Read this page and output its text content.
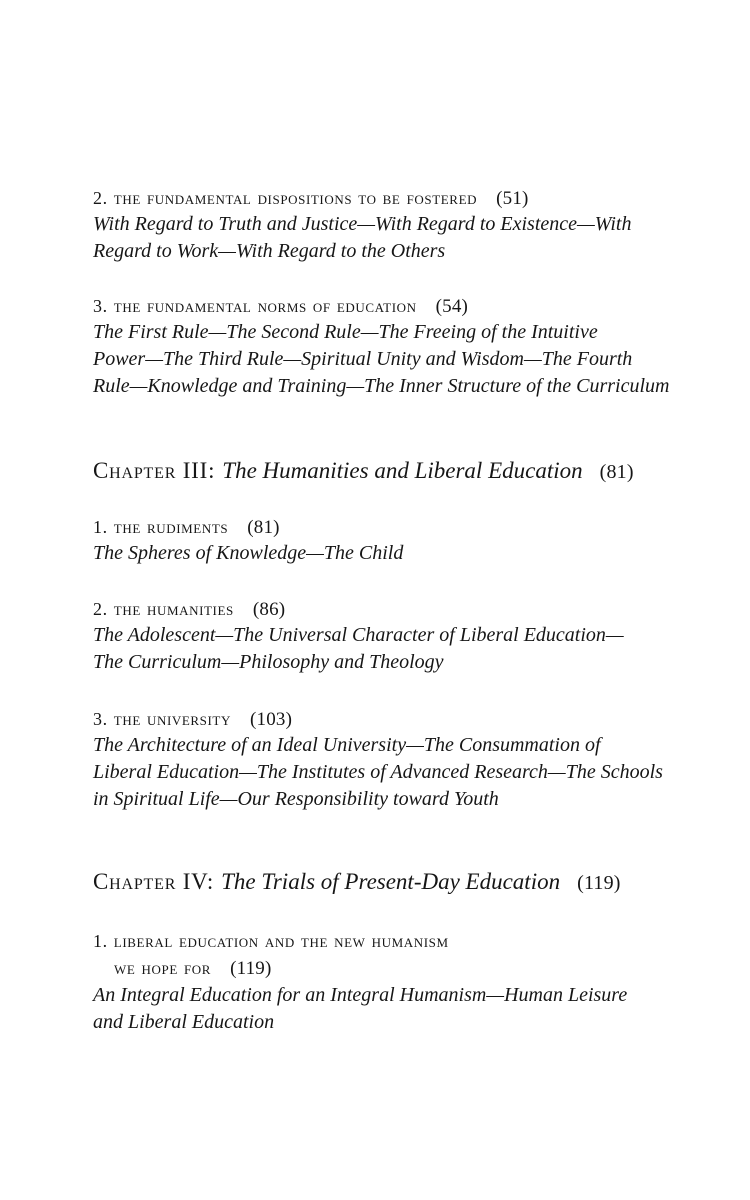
2. the fundamental dispositions to be fostered (51)
With Regard to Truth and Justice—With Regard to Existence—With
Regard to Work—With Regard to the Others
3. the fundamental norms of education (54)
The First Rule—The Second Rule—The Freeing of the Intuitive
Power—The Third Rule—Spiritual Unity and Wisdom—The Fourth
Rule—Knowledge and Training—The Inner Structure of the Curriculum
Chapter III: The Humanities and Liberal Education (81)
1. the rudiments (81)
The Spheres of Knowledge—The Child
2. the humanities (86)
The Adolescent—The Universal Character of Liberal Education—
The Curriculum—Philosophy and Theology
3. the university (103)
The Architecture of an Ideal University—The Consummation of
Liberal Education—The Institutes of Advanced Research—The Schools
in Spiritual Life—Our Responsibility toward Youth
Chapter IV: The Trials of Present-Day Education (119)
1. liberal education and the new humanism
we hope for (119)
An Integral Education for an Integral Humanism—Human Leisure
and Liberal Education
